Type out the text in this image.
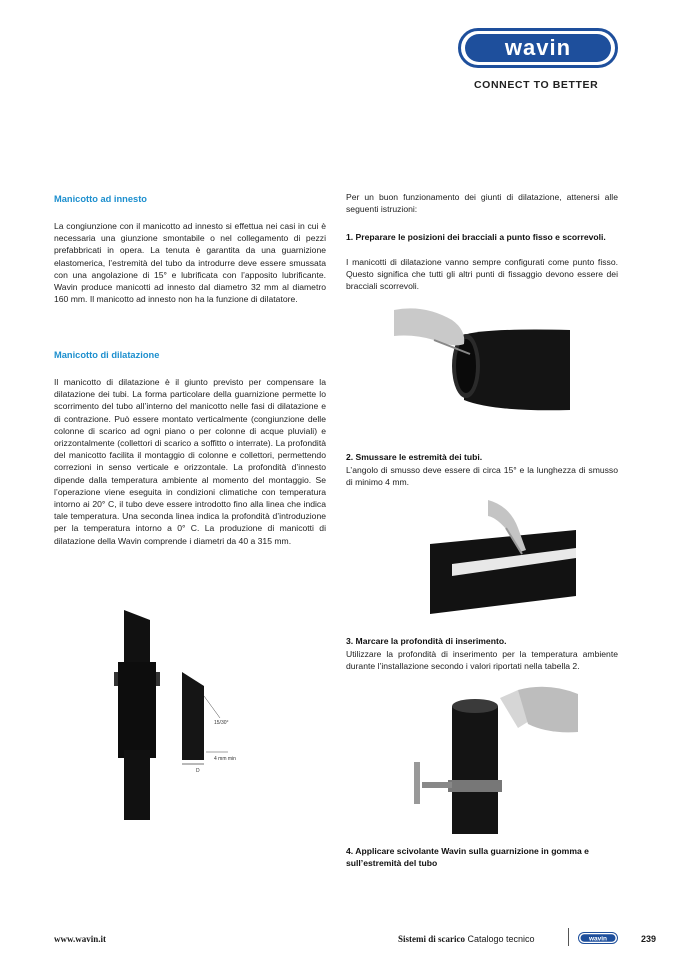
wavin
CONNECT TO BETTER
Manicotto ad innesto
La congiunzione con il manicotto ad innesto si effettua nei casi in cui è necessaria una giunzione smontabile o nel collegamento di pezzi prefabbricati in opera. La tenuta è garantita da una guarnizione elastomerica, l’estremità del tubo da introdurre deve essere smussata con una angolazione di 15° e lubrificata con l’apposito lubrificante. Wavin produce manicotti ad innesto dal diametro 32 mm al diametro 160 mm. Il manicotto ad innesto non ha la funzione di dilatatore.
Manicotto di dilatazione
Il manicotto di dilatazione è il giunto previsto per compensare la dilatazione dei tubi. La forma particolare della guarnizione permette lo scorrimento del tubo all’interno del manicotto nelle fasi di dilatazione e di contrazione. Può essere montato verticalmente (congiunzione delle colonne di scarico ad ogni piano o per colonne di acque pluviali) e orizzontalmente (collettori di scarico a soffitto o interrate). La profondità del manicotto facilita il montaggio di colonne e collettori, permettendo correzioni in senso verticale e orizzontale. La profondità d’innesto dipende dalla temperatura ambiente al momento del montaggio. Se l’operazione viene eseguita in condizioni climatiche con temperatura intorno ai 20° C, il tubo deve essere introdotto fino alla linea che indica tale temperatura. Una seconda linea indica la profondità d’introduzione per la temperatura intorno a 0° C. La produzione di manicotti di dilatazione della Wavin comprende i diametri da 40 a 315 mm.
15/30°
4 mm min
D
Per un buon funzionamento dei giunti di dilatazione, attenersi alle seguenti istruzioni:
1. Preparare le posizioni dei bracciali a punto fisso e scorrevoli.
I manicotti di dilatazione vanno sempre configurati come punto fisso. Questo significa che tutti gli altri punti di fissaggio devono essere dei bracciali scorrevoli.
2. Smussare le estremità dei tubi.
L’angolo di smusso deve essere di circa 15° e la lunghezza di smusso di minimo 4 mm.
3. Marcare la profondità di inserimento.
Utilizzare la profondità di inserimento per la temperatura ambiente durante l’installazione secondo i valori riportati nella tabella 2.
4. Applicare scivolante Wavin sulla guarnizione in gomma e sull’estremità del tubo
www.wavin.it	Sistemi di scarico Catalogo tecnico	wavin	239
